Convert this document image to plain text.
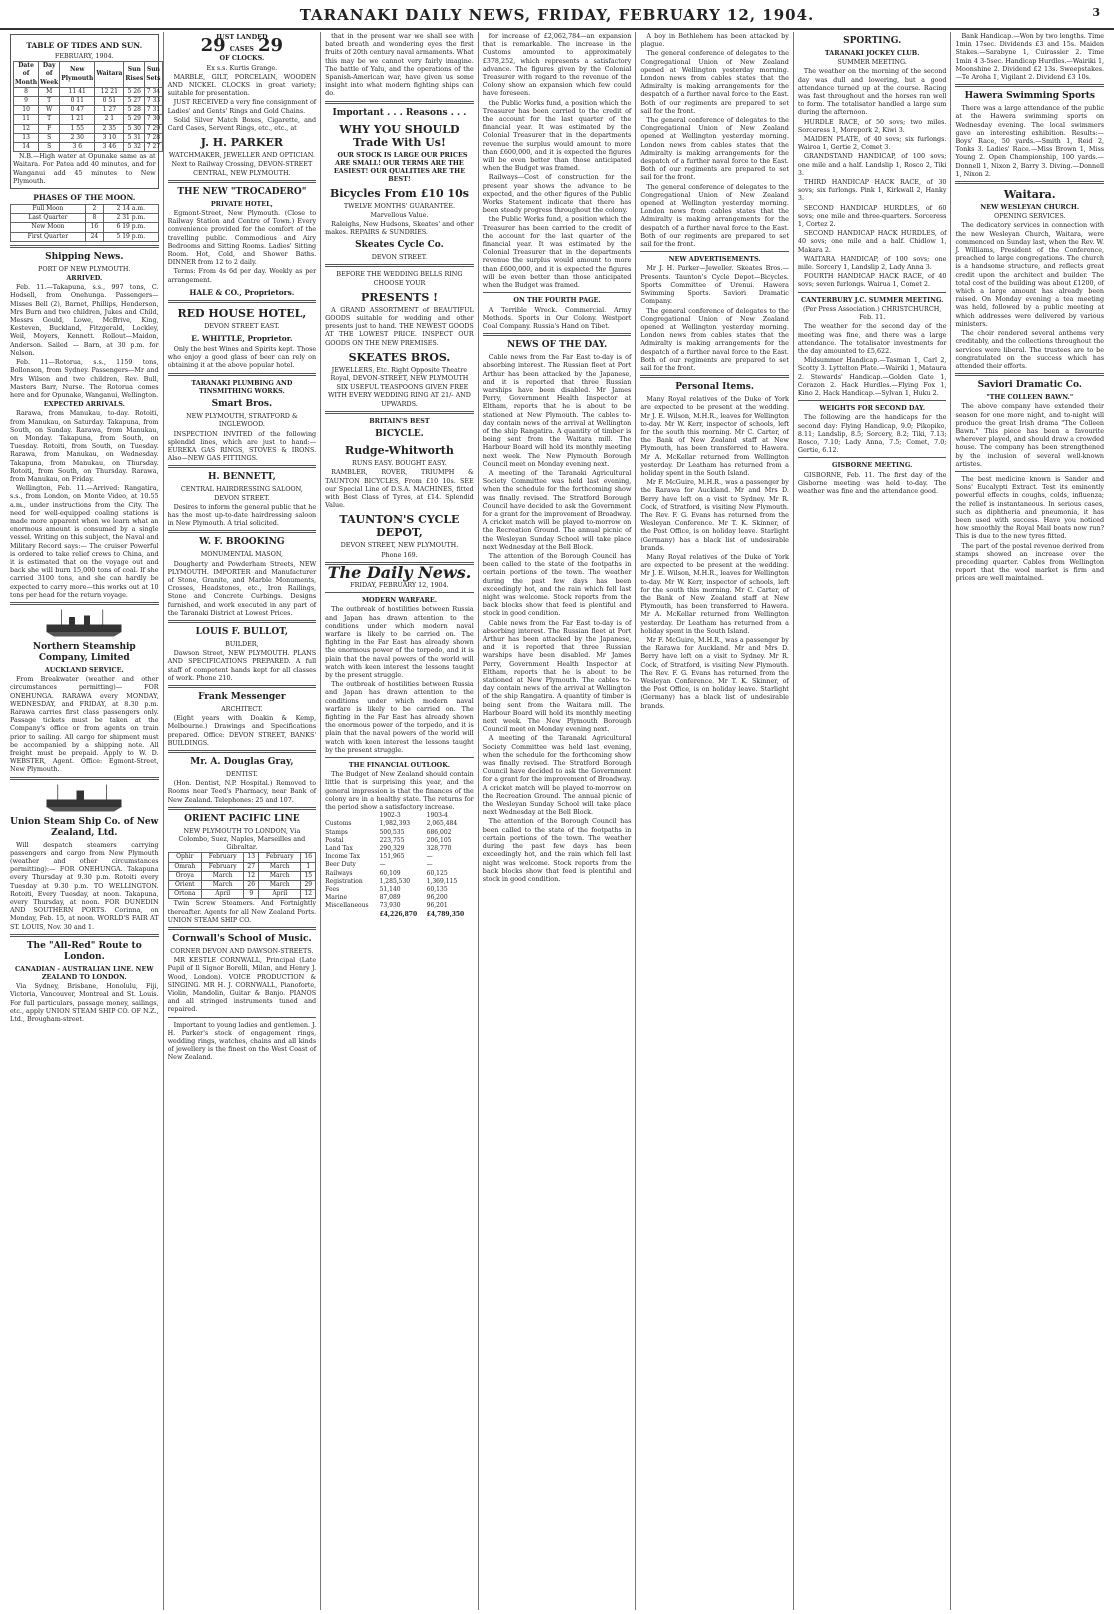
TARANAKI DAILY NEWS, FRIDAY, FEBRUARY 12, 1904.	3
TABLE OF TIDES AND SUN.
FEBRUARY, 1904.
Date of Month	Day of Week	New Plymouth	Waitara	Sun Rises	Sun Sets
8	M	11 41	12 21	5 26	7 34
9	T	0 11	0 51	5 27	7 33
10	W	0 47	1 27	5 28	7 31
11	T	1 21	2 1	5 29	7 30
12	F	1 55	2 35	5 30	7 29
13	S	2 30	3 10	5 31	7 28
14	S	3 6	3 46	5 32	7 27

N.B.—High water at Opunake same as at Waitara. For Patea add 40 minutes, and for Wanganui add 45 minutes to New Plymouth.

PHASES OF THE MOON.
Full Moon	2	2 14 a.m.
Last Quarter	8	2 31 p.m.
New Moon	16	6 19 p.m.
First Quarter	24	5 19 p.m.
Shipping News.
PORT OF NEW PLYMOUTH.
ARRIVED.

Feb. 11.—Takapuna, s.s., 997 tons, C. Hodsell, from Onehunga. Passengers—Misses Bell (2), Barnet, Phillips, Henderson, Mrs Burn and two children, Jukes and Child, Messrs Gould, Lowe, McBrive, King, Kesteven, Buckland, Fitzgerald, Lockley, Weil, Moyers, Kennett. Rollout—Maidon, Anderson. Sailed — Barn, at 30 p.m. for Nelson.

Feb. 11—Rotorua, s.s., 1159 tons, Bollonson, from Sydney. Passengers—Mr and Mrs Wilson and two children, Rev. Bull, Masters Barr, Nurse. The Rotorua comes here and for Opunake, Wanganui, Wellington.

EXPECTED ARRIVALS.

Rarawa, from Manukau, to-day. Rotoiti, from Manukau, on Saturday. Takapuna, from South, on Sunday. Rarawa, from Manukau, on Monday. Takapuna, from South, on Tuesday. Rotoiti, from South, on Tuesday. Rarawa, from Manukau, on Wednesday. Takapuna, from Manukau, on Thursday. Rotoiti, from South, on Thursday. Rarawa, from Manukau, on Friday.

Wellington, Feb. 11.—Arrived: Rangatira, s.s., from London, on Monte Video, at 10.55 a.m., under instructions from the City. The need for well-equipped coaling stations is made more apparent when we learn what an enormous amount is consumed by a single vessel. Writing on this subject, the Naval and Military Record says:— The cruiser Powerful is ordered to take relief crews to China, and it is estimated that on the voyage out and back she will burn 15,000 tons of coal. If she carried 3100 tons, and she can hardly be expected to carry more—this works out at 10 tons per head for the return voyage.

Northern Steamship Company, Limited
AUCKLAND SERVICE.

From Breakwater (weather and other circumstances permitting)— FOR ONEHUNGA. RARAWA every MONDAY, WEDNESDAY, and FRIDAY, at 8.30 p.m. Rarawa carries first class passengers only. Passage tickets must be taken at the Company's office or from agents on train prior to sailing. All cargo for shipment must be accompanied by a shipping note. All freight must be prepaid. Apply to W. D. WEBSTER, Agent. Office: Egmont-Street, New Plymouth.

Union Steam Ship Co. of New Zealand, Ltd.

Will despatch steamers carrying passengers and cargo from New Plymouth (weather and other circumstances permitting):— FOR ONEHUNGA. Takapuna every Thursday at 9.30 p.m. Rotoiti every Tuesday at 9.30 p.m. TO WELLINGTON. Rotoiti, Every Tuesday, at noon. Takapuna, every Thursday, at noon. FOR DUNEDIN AND SOUTHERN PORTS. Corinna, on Monday, Feb. 15, at noon. WORLD'S FAIR AT ST. LOUIS, Nov. 30 and 1.

The "All-Red" Route to London.
CANADIAN - AUSTRALIAN LINE. NEW ZEALAND TO LONDON.

Via Sydney, Brisbane, Honolulu, Fiji, Victoria, Vancouver, Montreal and St. Louis. For full particulars, passage money, sailings, etc., apply UNION STEAM SHIP CO. OF N.Z., Ltd., Brougham-street.

JUST LANDED
29 CASES 29
OF CLOCKS.
Ex s.s. Kurtis Grange.

MARBLE, GILT, PORCELAIN, WOODEN AND NICKEL CLOCKS in great variety; suitable for presentation.

JUST RECEIVED a very fine consignment of Ladies' and Gents' Rings and Gold Chains.

Solid Silver Match Boxes, Cigarette, and Card Cases, Servent Rings, etc., etc., at

J. H. PARKER
WATCHMAKER, JEWELLER AND OPTICIAN.
Next to Railway Crossing, DEVON-STREET CENTRAL, NEW PLYMOUTH.
THE NEW "TROCADERO"
PRIVATE HOTEL,

Egmont-Street, New Plymouth. (Close to Railway Station and Centre of Town.) Every convenience provided for the comfort of the travelling public. Commodious and Airy Bedrooms and Sitting Rooms. Ladies' Sitting Room. Hot, Cold, and Shower Baths. DINNER from 12 to 2 daily.

Terms: From 4s 6d per day. Weekly as per arrangement.

HALE & CO., Proprietors.
RED HOUSE HOTEL,
DEVON STREET EAST.
E. WHITTLE, Proprietor.

Only the best Wines and Spirits kept. Those who enjoy a good glass of beer can rely on obtaining it at the above popular hotel.

TARANAKI PLUMBING AND TINSMITHING WORKS.
Smart Bros.
NEW PLYMOUTH, STRATFORD & INGLEWOOD.

INSPECTION INVITED of the following splendid lines, which are just to hand:— EUREKA GAS RINGS, STOVES & IRONS. Also—NEW GAS FITTINGS.

H. BENNETT,
CENTRAL HAIRDRESSING SALOON, DEVON STREET.

Desires to inform the general public that he has the most up-to-date hairdressing saloon in New Plymouth. A trial solicited.

W. F. BROOKING
MONUMENTAL MASON,

Dougherty and Powderham Streets, NEW PLYMOUTH. IMPORTER and Manufacturer of Stone, Granite, and Marble Monuments, Crosses, Headstones, etc., Iron Railings, Stone and Concrete Curbings. Designs furnished, and work executed in any part of the Taranaki District at Lowest Prices.

LOUIS F. BULLOT,
BUILDER,

Dawson Street, NEW PLYMOUTH. PLANS AND SPECIFICATIONS PREPARED. A full staff of competent hands kept for all classes of work. Phone 210.

Frank Messenger
ARCHITECT.

(Eight years with Doakin & Kemp, Melbourne.) Drawings and Specifications prepared. Office: DEVON STREET, BANKS' BUILDINGS.

Mr. A. Douglas Gray,
DENTIST.

(Hon. Dentist, N.P. Hospital.) Removed to Rooms near Teed's Pharmacy, near Bank of New Zealand. Telephones: 25 and 107.

ORIENT PACIFIC LINE
NEW PLYMOUTH TO LONDON, Via Colombo, Suez, Naples, Marseilles and Gibraltar.
Ophir	February	13	February	16
Omrah	February	27	March	1
Oroya	March	12	March	15
Orient	March	26	March	29
Ortona	April	9	April	12

Twin Screw Steamers. And Fortnightly thereafter. Agents for all New Zealand Ports. UNION STEAM SHIP CO.

Cornwall's School of Music.
CORNER DEVON AND DAWSON-STREETS.

MR KESTLE CORNWALL, Principal (Late Pupil of Il Signor Borelli, Milan, and Henry J. Wood, London). VOICE PRODUCTION & SINGING. MR H. J. CORNWALL, Pianoforte, Violin, Mandolin, Guitar & Banjo. PIANOS and all stringed instruments tuned and repaired.

Important to young ladies and gentlemen. J. H. Parker's stock of engagement rings, wedding rings, watches, chains and all kinds of jewellery is the finest on the West Coast of New Zealand.

that in the present war we shall see with bated breath and wondering eyes the first fruits of 20th century naval armaments. What this may be we cannot very fairly imagine. The battle of Yalu, and the operations of the Spanish-American war, have given us some insight into what modern fighting ships can do.

Important . . . Reasons . . .
WHY YOU SHOULD Trade With Us!

OUR STOCK IS LARGE OUR PRICES ARE SMALL! OUR TERMS ARE THE EASIEST! OUR QUALITIES ARE THE BEST!

Bicycles From £10 10s
TWELVE MONTHS' GUARANTEE. Marvellous Value.

Raleighs, New Hudsons, Skeates' and other makes. REPAIRS & SUNDRIES.

Skeates Cycle Co.
DEVON STREET.
BEFORE THE WEDDING BELLS RING CHOOSE YOUR
PRESENTS !

A GRAND ASSORTMENT of BEAUTIFUL GOODS suitable for wedding and other presents just to hand. THE NEWEST GOODS AT THE LOWEST PRICE. INSPECT OUR GOODS ON THE NEW PREMISES.

SKEATES BROS.
JEWELLERS, Etc. Right Opposite Theatre Royal, DEVON-STREET, NEW PLYMOUTH

SIX USEFUL TEASPOONS GIVEN FREE WITH EVERY WEDDING RING AT 21/- AND UPWARDS.

BRITAIN'S BEST
BICYCLE.
Rudge-Whitworth
RUNS EASY. BOUGHT EASY.

RAMBLER, ROVER, TRIUMPH & TAUNTON BICYCLES, From £10 10s. SEE our Special Line of D.S.A. MACHINES, fitted with Best Class of Tyres, at £14. Splendid Value.

TAUNTON'S CYCLE DEPOT,
DEVON STREET, NEW PLYMOUTH.
Phone 169.
The Daily News.
FRIDAY, FEBRUARY 12, 1904.
MODERN WARFARE.

The outbreak of hostilities between Russia and Japan has drawn attention to the conditions under which modern naval warfare is likely to be carried on. The fighting in the Far East has already shown the enormous power of the torpedo, and it is plain that the naval powers of the world will watch with keen interest the lessons taught by the present struggle.

The outbreak of hostilities between Russia and Japan has drawn attention to the conditions under which modern naval warfare is likely to be carried on. The fighting in the Far East has already shown the enormous power of the torpedo, and it is plain that the naval powers of the world will watch with keen interest the lessons taught by the present struggle.

THE FINANCIAL OUTLOOK.

The Budget of New Zealand should contain little that is surprising this year, and the general impression is that the finances of the colony are in a healthy state. The returns for the period show a satisfactory increase.

	1902-3	1903-4
Customs	1,982,393	2,065,484
Stamps	500,535	686,002
Postal	223,755	206,105
Land Tax	290,329	328,770
Income Tax	151,965	—
Beer Duty	—	—
Railways	60,109	60,125
Registration	1,285,530	1,369,115
Fees	51,140	60,135
Marine	87,089	96,200
Miscellaneous	73,930	96,201
	£4,226,870	£4,789,350

for increase of £2,062,784—an expansion that is remarkable. The increase in the Customs amounted to approximately £378,252, which represents a satisfactory advance. The figures given by the Colonial Treasurer with regard to the revenue of the Colony show an expansion which few could have foreseen.

the Public Works fund, a position which the Treasurer has been carried to the credit of the account for the last quarter of the financial year. It was estimated by the Colonial Treasurer that in the departments revenue the surplus would amount to more than £600,000, and it is expected the figures will be even better than those anticipated when the Budget was framed.

Railways—Cost of construction for the present year shows the advance to be expected, and the other figures of the Public Works Statement indicate that there has been steady progress throughout the colony.

the Public Works fund, a position which the Treasurer has been carried to the credit of the account for the last quarter of the financial year. It was estimated by the Colonial Treasurer that in the departments revenue the surplus would amount to more than £600,000, and it is expected the figures will be even better than those anticipated when the Budget was framed.

ON THE FOURTH PAGE.

A Terrible Wreck. Commercial. Army Methods. Sports in Our Colony. Westport Coal Company. Russia's Hand on Tibet.

NEWS OF THE DAY.

Cable news from the Far East to-day is of absorbing interest. The Russian fleet at Port Arthur has been attacked by the Japanese, and it is reported that three Russian warships have been disabled. Mr James Perry, Government Health Inspector at Eltham, reports that he is about to be stationed at New Plymouth. The cables to-day contain news of the arrival at Wellington of the ship Rangatira. A quantity of timber is being sent from the Waitara mill. The Harbour Board will hold its monthly meeting next week. The New Plymouth Borough Council meet on Monday evening next.

A meeting of the Taranaki Agricultural Society Committee was held last evening, when the schedule for the forthcoming show was finally revised. The Stratford Borough Council have decided to ask the Government for a grant for the improvement of Broadway. A cricket match will be played to-morrow on the Recreation Ground. The annual picnic of the Wesleyan Sunday School will take place next Wednesday at the Bell Block.

The attention of the Borough Council has been called to the state of the footpaths in certain portions of the town. The weather during the past few days has been exceedingly hot, and the rain which fell last night was welcome. Stock reports from the back blocks show that feed is plentiful and stock in good condition.

Cable news from the Far East to-day is of absorbing interest. The Russian fleet at Port Arthur has been attacked by the Japanese, and it is reported that three Russian warships have been disabled. Mr James Perry, Government Health Inspector at Eltham, reports that he is about to be stationed at New Plymouth. The cables to-day contain news of the arrival at Wellington of the ship Rangatira. A quantity of timber is being sent from the Waitara mill. The Harbour Board will hold its monthly meeting next week. The New Plymouth Borough Council meet on Monday evening next.

A meeting of the Taranaki Agricultural Society Committee was held last evening, when the schedule for the forthcoming show was finally revised. The Stratford Borough Council have decided to ask the Government for a grant for the improvement of Broadway. A cricket match will be played to-morrow on the Recreation Ground. The annual picnic of the Wesleyan Sunday School will take place next Wednesday at the Bell Block.

The attention of the Borough Council has been called to the state of the footpaths in certain portions of the town. The weather during the past few days has been exceedingly hot, and the rain which fell last night was welcome. Stock reports from the back blocks show that feed is plentiful and stock in good condition.

A boy in Bethlehem has been attacked by plague.

The general conference of delegates to the Congregational Union of New Zealand opened at Wellington yesterday morning. London news from cables states that the Admiralty is making arrangements for the despatch of a further naval force to the East. Both of our regiments are prepared to set sail for the front.

The general conference of delegates to the Congregational Union of New Zealand opened at Wellington yesterday morning. London news from cables states that the Admiralty is making arrangements for the despatch of a further naval force to the East. Both of our regiments are prepared to set sail for the front.

The general conference of delegates to the Congregational Union of New Zealand opened at Wellington yesterday morning. London news from cables states that the Admiralty is making arrangements for the despatch of a further naval force to the East. Both of our regiments are prepared to set sail for the front.

NEW ADVERTISEMENTS.

Mr J. H. Parker—Jeweller. Skeates Bros.—Presents. Taunton's Cycle Depot—Bicycles. Sports Committee of Urenui. Hawera Swimming Sports. Saviori Dramatic Company.

The general conference of delegates to the Congregational Union of New Zealand opened at Wellington yesterday morning. London news from cables states that the Admiralty is making arrangements for the despatch of a further naval force to the East. Both of our regiments are prepared to set sail for the front.

Personal Items.

Many Royal relatives of the Duke of York are expected to be present at the wedding. Mr J. E. Wilson, M.H.R., leaves for Wellington to-day. Mr W. Kerr, inspector of schools, left for the south this morning. Mr C. Carter, of the Bank of New Zealand staff at New Plymouth, has been transferred to Hawera. Mr A. McKellar returned from Wellington yesterday. Dr Leatham has returned from a holiday spent in the South Island.

Mr F. McGuire, M.H.R., was a passenger by the Rarawa for Auckland. Mr and Mrs D. Berry have left on a visit to Sydney. Mr R. Cock, of Stratford, is visiting New Plymouth. The Rev. F. G. Evans has returned from the Wesleyan Conference. Mr T. K. Skinner, of the Post Office, is on holiday leave. Starlight (Germany) has a black list of undesirable brands.

Many Royal relatives of the Duke of York are expected to be present at the wedding. Mr J. E. Wilson, M.H.R., leaves for Wellington to-day. Mr W. Kerr, inspector of schools, left for the south this morning. Mr C. Carter, of the Bank of New Zealand staff at New Plymouth, has been transferred to Hawera. Mr A. McKellar returned from Wellington yesterday. Dr Leatham has returned from a holiday spent in the South Island.

Mr F. McGuire, M.H.R., was a passenger by the Rarawa for Auckland. Mr and Mrs D. Berry have left on a visit to Sydney. Mr R. Cock, of Stratford, is visiting New Plymouth. The Rev. F. G. Evans has returned from the Wesleyan Conference. Mr T. K. Skinner, of the Post Office, is on holiday leave. Starlight (Germany) has a black list of undesirable brands.

SPORTING.
TARANAKI JOCKEY CLUB.
SUMMER MEETING.

The weather on the morning of the second day was dull and lowering, but a good attendance turned up at the course. Racing was fast throughout and the horses ran well to form. The totalisator handled a large sum during the afternoon.

HURDLE RACE, of 50 sovs; two miles. Sorceress 1, Morepork 2, Kiwi 3.

MAIDEN PLATE, of 40 sovs; six furlongs. Wairoa 1, Gertie 2, Comet 3.

GRANDSTAND HANDICAP, of 100 sovs; one mile and a half. Landslip 1, Rosco 2, Tiki 3.

THIRD HANDICAP HACK RACE, of 30 sovs; six furlongs. Pink 1, Kirkwall 2, Hanky 3.

SECOND HANDICAP HURDLES, of 60 sovs; one mile and three-quarters. Sorceress 1, Cortez 2.

SECOND HANDICAP HACK HURDLES, of 40 sovs; one mile and a half. Chidlow 1, Makara 2.

WAITARA HANDICAP, of 100 sovs; one mile. Sorcery 1, Landslip 2, Lady Anna 3.

FOURTH HANDICAP HACK RACE, of 40 sovs; seven furlongs. Wairua 1, Comet 2.

CANTERBURY J.C. SUMMER MEETING.
(Per Press Association.) CHRISTCHURCH, Feb. 11.

The weather for the second day of the meeting was fine, and there was a large attendance. The totalisator investments for the day amounted to £5,622.

Midsummer Handicap.—Tasman 1, Carl 2, Scotty 3. Lyttelton Plate.—Wairiki 1, Mataura 2. Stewards' Handicap.—Golden Gate 1, Corazon 2. Hack Hurdles.—Flying Fox 1, Kino 2. Hack Handicap.—Sylvan 1, Huku 2.

WEIGHTS FOR SECOND DAY.

The following are the handicaps for the second day: Flying Handicap, 9.0; Pikopiko, 8.11; Landslip, 8.5; Sorcery, 8.2; Tiki, 7.13; Rosco, 7.10; Lady Anna, 7.5; Comet, 7.0; Gertie, 6.12.

GISBORNE MEETING.

GISBORNE, Feb. 11. The first day of the Gisborne meeting was held to-day. The weather was fine and the attendance good.

Bank Handicap.—Won by two lengths. Time 1min 17sec. Dividends £3 and 15s. Maiden Stakes.—Sarabyne 1, Cuirassier 2. Time 1min 4 3-5sec. Handicap Hurdles.—Wairiki 1, Moonshine 2. Dividend £2 13s. Sweepstakes.—Te Aroha 1, Vigilant 2. Dividend £3 10s.

Hawera Swimming Sports

There was a large attendance of the public at the Hawera swimming sports on Wednesday evening. The local swimmers gave an interesting exhibition. Results:— Boys' Race, 50 yards.—Smith 1, Reid 2, Tonks 3. Ladies' Race.—Miss Brown 1, Miss Young 2. Open Championship, 100 yards.—Donnell 1, Nixon 2, Barry 3. Diving.—Donnell 1, Nixon 2.

Waitara.
NEW WESLEYAN CHURCH.
OPENING SERVICES.

The dedicatory services in connection with the new Wesleyan Church, Waitara, were commenced on Sunday last, when the Rev. W. J. Williams, President of the Conference, preached to large congregations. The church is a handsome structure, and reflects great credit upon the architect and builder. The total cost of the building was about £1200, of which a large amount has already been raised. On Monday evening a tea meeting was held, followed by a public meeting at which addresses were delivered by various ministers.

The choir rendered several anthems very creditably, and the collections throughout the services were liberal. The trustees are to be congratulated on the success which has attended their efforts.

Saviori Dramatic Co.
"THE COLLEEN BAWN."

The above company have extended their season for one more night, and to-night will produce the great Irish drama "The Colleen Bawn." This piece has been a favourite wherever played, and should draw a crowded house. The company has been strengthened by the inclusion of several well-known artistes.

The best medicine known is Sander and Sons' Eucalypti Extract. Test its eminently powerful effects in coughs, colds, influenza; the relief is instantaneous. In serious cases, such as diphtheria and pneumonia, it has been used with success. Have you noticed how smoothly the Royal Mail boats now run? This is due to the new tyres fitted.

The part of the postal revenue derived from stamps showed an increase over the preceding quarter. Cables from Wellington report that the wool market is firm and prices are well maintained.
